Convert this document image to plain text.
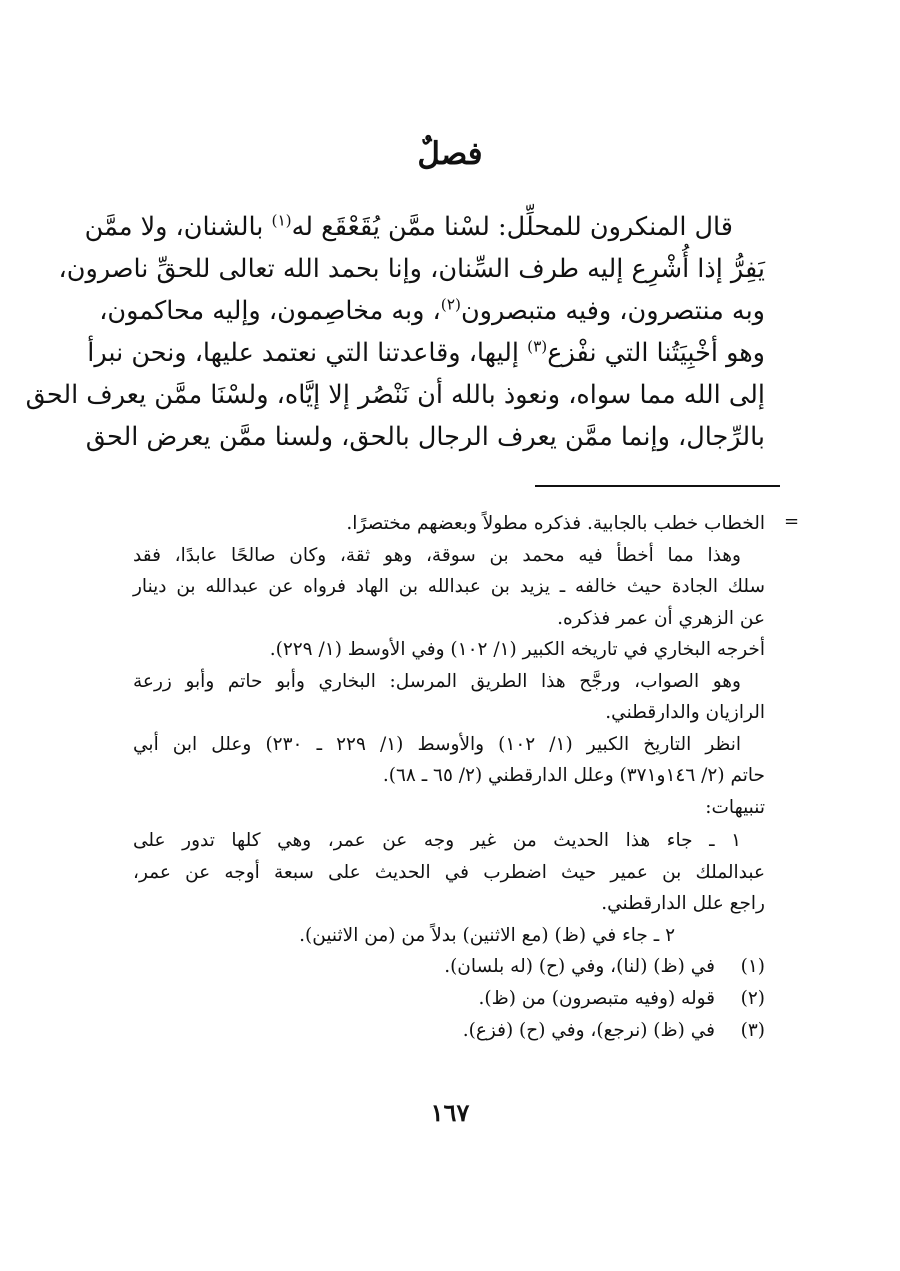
فصلٌ
قال المنكرون للمحلِّل: لسْنا ممَّن يُقَعْقَع له$^{(١)}$ بالشنان، ولا ممَّن
يَفِرُّ إذا أُشْرِع إليه طرف السِّنان، وإنا بحمد الله تعالى للحقِّ ناصرون،
وبه منتصرون، وفيه متبصرون$^{(٢)}$، وبه مخاصِمون، وإليه محاكمون،
وهو أخْبِيَتُنا التي نفْزع$^{(٣)}$ إليها، وقاعدتنا التي نعتمد عليها، ونحن نبرأ
إلى الله مما سواه، ونعوذ بالله أن نَنْصُر إلا إيَّاه، ولسْنَا ممَّن يعرف الحق
بالرِّجال، وإنما ممَّن يعرف الرجال بالحق، ولسنا ممَّن يعرض الحق
=
الخطاب خطب بالجابية. فذكره مطولاً وبعضهم مختصرًا.
وهذا مما أخطأ فيه محمد بن سوقة، وهو ثقة، وكان صالحًا عابدًا، فقد
سلك الجادة حيث خالفه ـ يزيد بن عبدالله بن الهاد فرواه عن عبدالله بن دينار
عن الزهري أن عمر فذكره.
أخرجه البخاري في تاريخه الكبير (١/ ١٠٢) وفي الأوسط (١/ ٢٢٩).
وهو الصواب، ورجَّح هذا الطريق المرسل: البخاري وأبو حاتم وأبو زرعة
الرازيان والدارقطني.
انظر التاريخ الكبير (١/ ١٠٢) والأوسط (١/ ٢٢٩ ـ ٢٣٠) وعلل ابن أبي
حاتم (٢/ ١٤٦و٣٧١) وعلل الدارقطني (٢/ ٦٥ ـ ٦٨).
تنبيهات:
١ ـ جاء هذا الحديث من غير وجه عن عمر، وهي كلها تدور على
عبدالملك بن عمير حيث اضطرب في الحديث على سبعة أوجه عن عمر،
راجع علل الدارقطني.
٢ ـ جاء في (ظ) (مع الاثنين) بدلاً من (من الاثنين).
(١)في (ظ) (لنا)، وفي (ح) (له بلسان).
(٢)قوله (وفيه متبصرون) من (ظ).
(٣)في (ظ) (نرجع)، وفي (ح) (فزع).
١٦٧
